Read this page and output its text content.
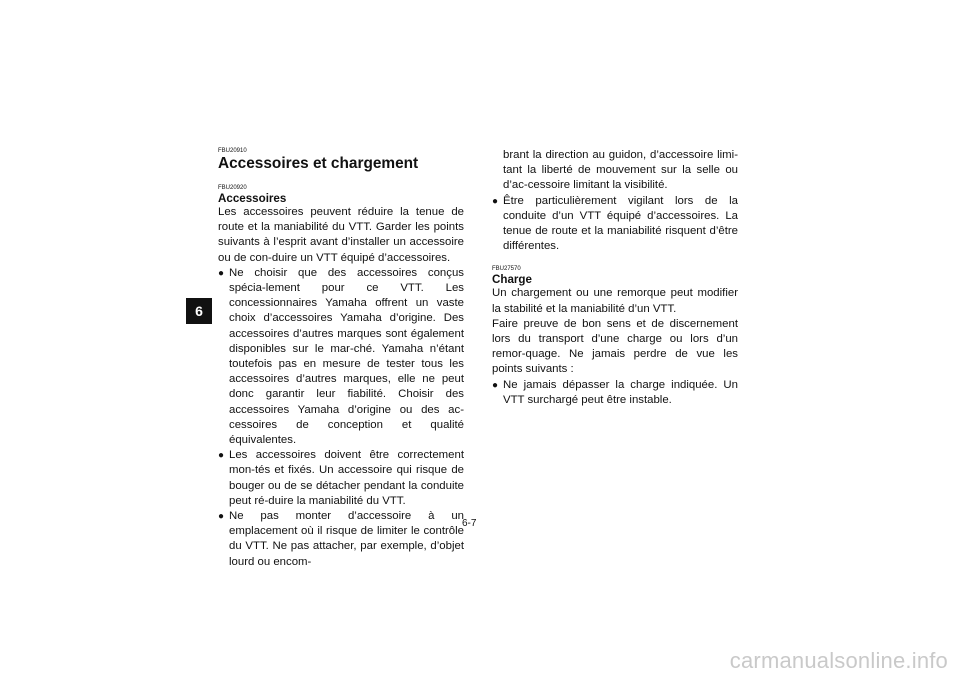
6
FBU20910
Accessoires et chargement
FBU20920
Accessoires

Les accessoires peuvent réduire la tenue de route et la maniabilité du VTT. Garder les points suivants à l’esprit avant d’installer un accessoire ou de con-duire un VTT équipé d’accessoires.

● Ne choisir que des accessoires conçus spécia-lement pour ce VTT. Les concessionnaires Yamaha offrent un vaste choix d’accessoires Yamaha d’origine. Des accessoires d’autres marques sont également disponibles sur le mar-ché. Yamaha n’étant toutefois pas en mesure de tester tous les accessoires d’autres marques, elle ne peut donc garantir leur fiabilité. Choisir des accessoires Yamaha d’origine ou des ac-cessoires de conception et qualité équivalentes.
● Les accessoires doivent être correctement mon-tés et fixés. Un accessoire qui risque de bouger ou de se détacher pendant la conduite peut ré-duire la maniabilité du VTT.
● Ne pas monter d’accessoire à un emplacement où il risque de limiter le contrôle du VTT. Ne pas attacher, par exemple, d’objet lourd ou encom-
brant la direction au guidon, d’accessoire limi-tant la liberté de mouvement sur la selle ou d’ac-cessoire limitant la visibilité.
● Être particulièrement vigilant lors de la conduite d’un VTT équipé d’accessoires. La tenue de route et la maniabilité risquent d’être différentes.
FBU27570
Charge

Un chargement ou une remorque peut modifier la stabilité et la maniabilité d’un VTT.

Faire preuve de bon sens et de discernement lors du transport d’une charge ou lors d’un remor-quage. Ne jamais perdre de vue les points suivants :

● Ne jamais dépasser la charge indiquée. Un VTT surchargé peut être instable.
6-7
carmanualsonline.info
